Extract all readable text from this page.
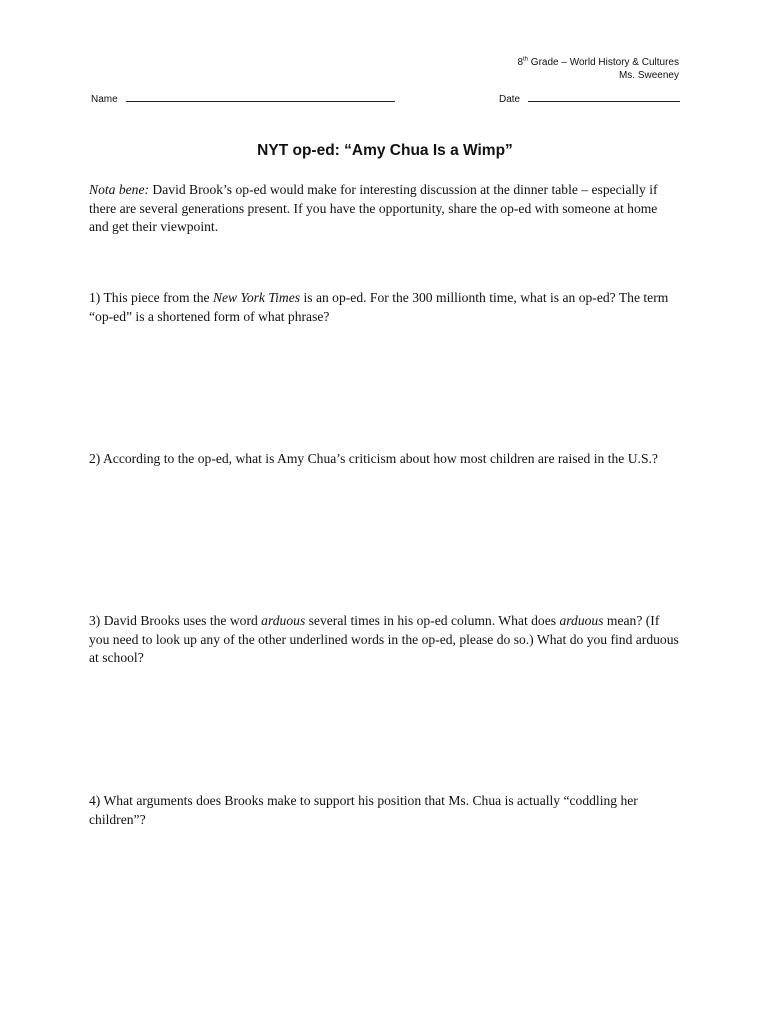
8th Grade – World History & Cultures
Ms. Sweeney
Name	Date
NYT op-ed: “Amy Chua Is a Wimp”
Nota bene: David Brook’s op-ed would make for interesting discussion at the dinner table – especially if there are several generations present. If you have the opportunity, share the op-ed with someone at home and get their viewpoint.
1) This piece from the New York Times is an op-ed. For the 300 millionth time, what is an op-ed? The term “op-ed” is a shortened form of what phrase?
2) According to the op-ed, what is Amy Chua’s criticism about how most children are raised in the U.S.?
3) David Brooks uses the word arduous several times in his op-ed column. What does arduous mean? (If you need to look up any of the other underlined words in the op-ed, please do so.) What do you find arduous at school?
4) What arguments does Brooks make to support his position that Ms. Chua is actually “coddling her children”?
